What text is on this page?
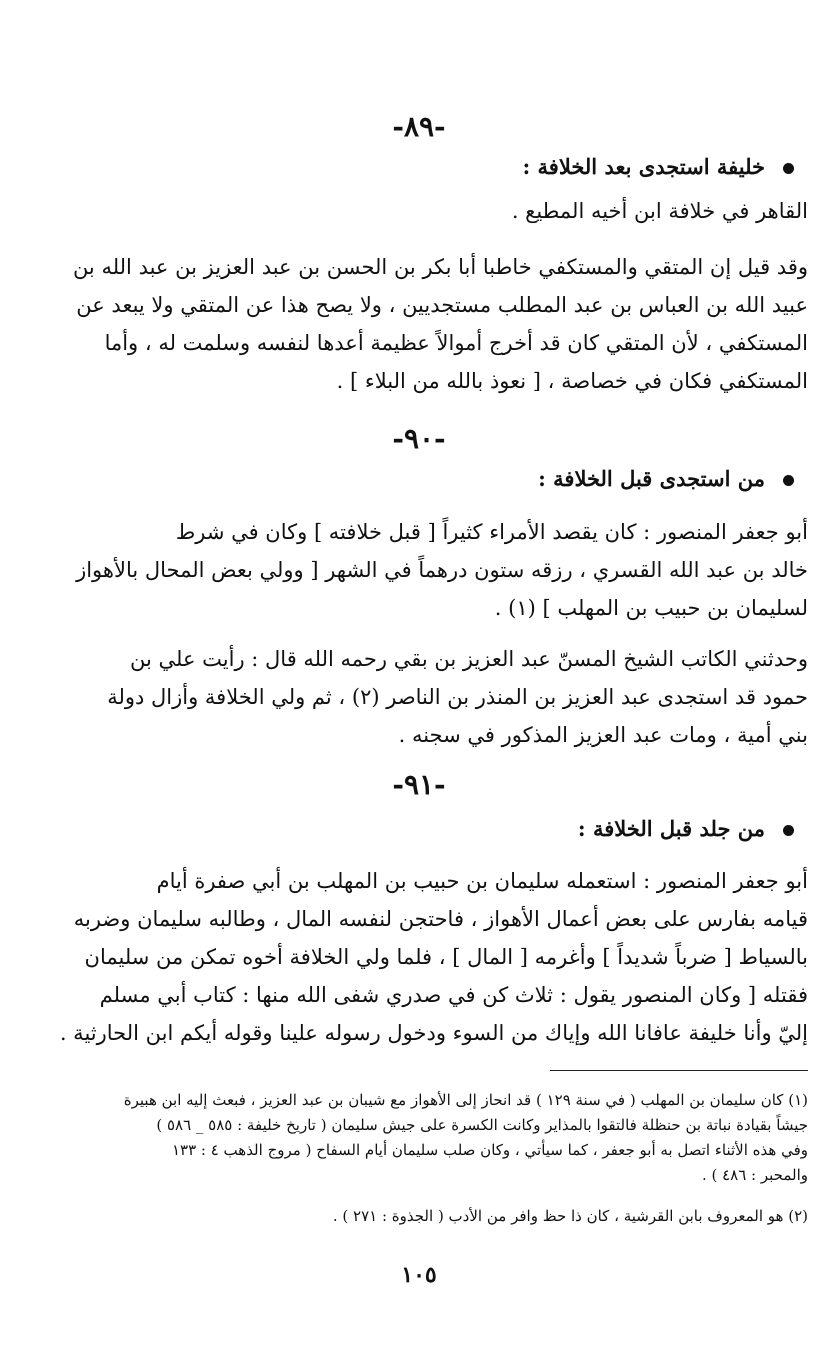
-٨٩-
خليفة استجدى بعد الخلافة :
القاهر في خلافة ابن أخيه المطيع .
وقد قيل إن المتقي والمستكفي خاطبا أبا بكر بن الحسن بن عبد العزيز بن عبد الله بن
عبيد الله بن العباس بن عبد المطلب مستجديين ، ولا يصح هذا عن المتقي ولا يبعد عن
المستكفي ، لأن المتقي كان قد أخرج أموالاً عظيمة أعدها لنفسه وسلمت له ، وأما
المستكفي فكان في خصاصة ، [ نعوذ بالله من البلاء ] .
-٩٠-
من استجدى قبل الخلافة :
أبو جعفر المنصور : كان يقصد الأمراء كثيراً [ قبل خلافته ] وكان في شرط
خالد بن عبد الله القسري ، رزقه ستون درهماً في الشهر [ وولي بعض المحال بالأهواز
لسليمان بن حبيب بن المهلب ] (١) .
وحدثني الكاتب الشيخ المسنّ عبد العزيز بن بقي رحمه الله قال : رأيت علي بن
حمود قد استجدى عبد العزيز بن المنذر بن الناصر (٢) ، ثم ولي الخلافة وأزال دولة
بني أمية ، ومات عبد العزيز المذكور في سجنه .
-٩١-
من جلد قبل الخلافة :
أبو جعفر المنصور : استعمله سليمان بن حبيب بن المهلب بن أبي صفرة أيام
قيامه بفارس على بعض أعمال الأهواز ، فاحتجن لنفسه المال ، وطالبه سليمان وضربه
بالسياط [ ضرباً شديداً ] وأغرمه [ المال ] ، فلما ولي الخلافة أخوه تمكن من سليمان
فقتله [ وكان المنصور يقول : ثلاث كن في صدري شفى الله منها : كتاب أبي مسلم
إليّ وأنا خليفة عافانا الله وإياك من السوء ودخول رسوله علينا وقوله أيكم ابن الحارثية .
(١) كان سليمان بن المهلب ( في سنة ١٢٩ ) قد انحاز إلى الأهواز مع شيبان بن عبد العزيز ، فبعث إليه ابن هبيرة
جيشاً بقيادة نباتة بن حنظلة فالتقوا بالمذاير وكانت الكسرة على جيش سليمان ( تاريخ خليفة : ٥٨٥ _ ٥٨٦ )
وفي هذه الأثناء اتصل به أبو جعفر ، كما سيأتي ، وكان صلب سليمان أيام السفاح ( مروج الذهب ٤ : ١٣٣
والمحبر : ٤٨٦ ) .
(٢) هو المعروف بابن القرشية ، كان ذا حظ وافر من الأدب ( الجذوة : ٢٧١ ) .
١٠٥
